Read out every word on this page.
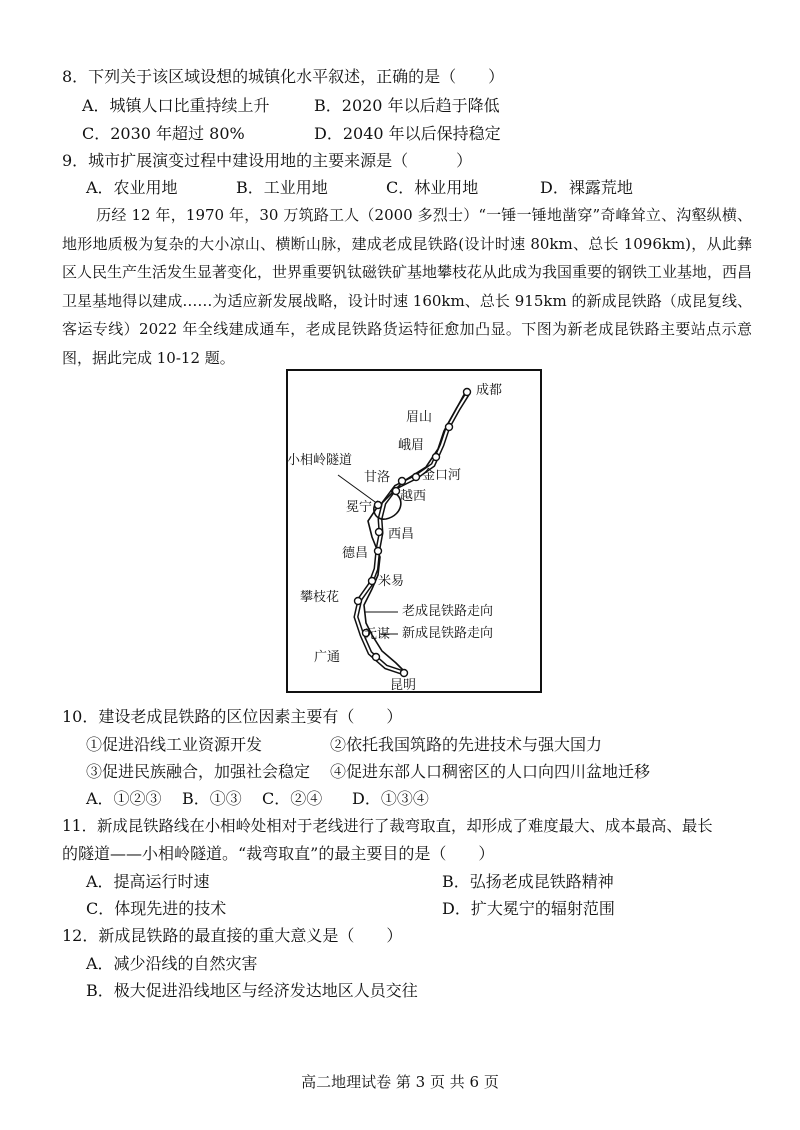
8．下列关于该区域设想的城镇化水平叙述，正确的是（　　）
A．城镇人口比重持续上升	B．2020 年以后趋于降低
C．2030 年超过 80%	D．2040 年以后保持稳定
9．城市扩展演变过程中建设用地的主要来源是（　　　）
A．农业用地	B．工业用地	C．林业用地	D．裸露荒地
历经 12 年，1970 年，30 万筑路工人（2000 多烈士）“一锤一锤地凿穿”奇峰耸立、沟壑纵横、地形地质极为复杂的大小凉山、横断山脉，建成老成昆铁路(设计时速 80km、总长 1096km)，从此彝区人民生产生活发生显著变化，世界重要钒钛磁铁矿基地攀枝花从此成为我国重要的钢铁工业基地，西昌卫星基地得以建成……为适应新发展战略，设计时速 160km、总长 915km 的新成昆铁路（成昆复线、客运专线）2022 年全线建成通车，老成昆铁路货运特征愈加凸显。下图为新老成昆铁路主要站点示意图，据此完成 10-12 题。
成都
眉山
峨眉
甘洛 金口河
越西
冕宁
西昌
德昌
米易
攀枝花
元谋
广通
昆明
小相岭隧道
老成昆铁路走向
新成昆铁路走向
10．建设老成昆铁路的区位因素主要有（　　）
①促进沿线工业资源开发	②依托我国筑路的先进技术与强大国力
③促进民族融合，加强社会稳定 ④促进东部人口稠密区的人口向四川盆地迁移
A．①②③ B．①③ C．②④ D．①③④
11．新成昆铁路线在小相岭处相对于老线进行了裁弯取直，却形成了难度最大、成本最高、最长
的隧道——小相岭隧道。“裁弯取直”的最主要目的是（　　）
A．提高运行时速	B．弘扬老成昆铁路精神
C．体现先进的技术	D．扩大冕宁的辐射范围
12．新成昆铁路的最直接的重大意义是（　　）
A．减少沿线的自然灾害
B．极大促进沿线地区与经济发达地区人员交往
高二地理试卷 第 3 页 共 6 页
